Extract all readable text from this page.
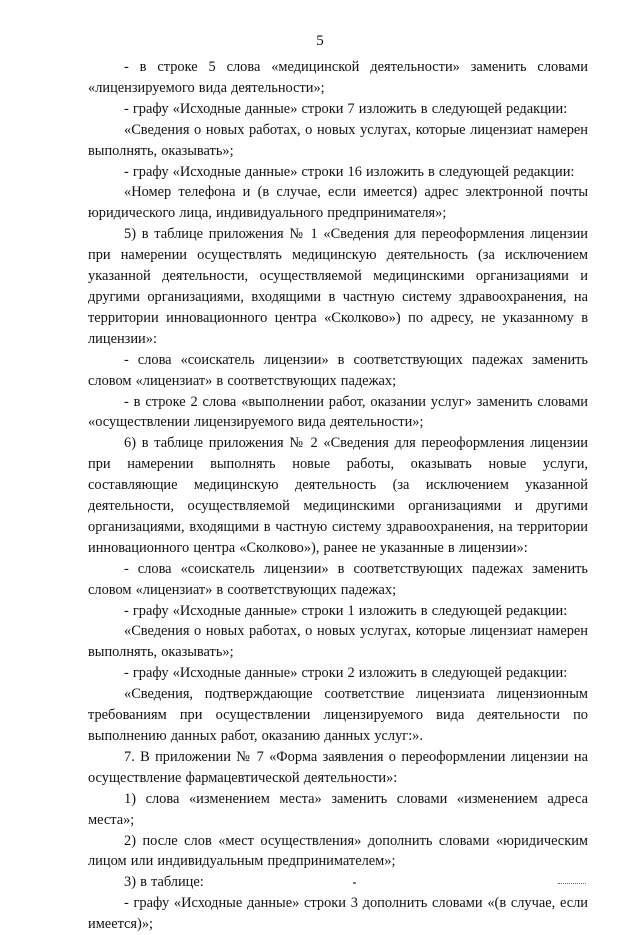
5

- в строке 5 слова «медицинской деятельности» заменить словами «лицензируемого вида деятельности»;

- графу «Исходные данные» строки 7 изложить в следующей редакции:

«Сведения о новых работах, о новых услугах, которые лицензиат намерен выполнять, оказывать»;

- графу «Исходные данные» строки 16 изложить в следующей редакции:

«Номер телефона и (в случае, если имеется) адрес электронной почты юридического лица, индивидуального предпринимателя»;

5) в таблице приложения № 1 «Сведения для переоформления лицензии при намерении осуществлять медицинскую деятельность (за исключением указанной деятельности, осуществляемой медицинскими организациями и другими организациями, входящими в частную систему здравоохранения, на территории инновационного центра «Сколково») по адресу, не указанному в лицензии»:

- слова «соискатель лицензии» в соответствующих падежах заменить словом «лицензиат» в соответствующих падежах;

- в строке 2 слова «выполнении работ, оказании услуг» заменить словами «осуществлении лицензируемого вида деятельности»;

6) в таблице приложения № 2 «Сведения для переоформления лицензии при намерении выполнять новые работы, оказывать новые услуги, составляющие медицинскую деятельность (за исключением указанной деятельности, осуществляемой медицинскими организациями и другими организациями, входящими в частную систему здравоохранения, на территории инновационного центра «Сколково»), ранее не указанные в лицензии»:

- слова «соискатель лицензии» в соответствующих падежах заменить словом «лицензиат» в соответствующих падежах;

- графу «Исходные данные» строки 1 изложить в следующей редакции:

«Сведения о новых работах, о новых услугах, которые лицензиат намерен выполнять, оказывать»;

- графу «Исходные данные» строки 2 изложить в следующей редакции:

«Сведения, подтверждающие соответствие лицензиата лицензионным требованиям при осуществлении лицензируемого вида деятельности по выполнению данных работ, оказанию данных услуг:».

7. В приложении № 7 «Форма заявления о переоформлении лицензии на осуществление фармацевтической деятельности»:

1) слова «изменением места» заменить словами «изменением адреса места»;

2) после слов «мест осуществления» дополнить словами «юридическим лицом или индивидуальным предпринимателем»;

3) в таблице:

- графу «Исходные данные» строки 3 дополнить словами «(в случае, если имеется)»;
